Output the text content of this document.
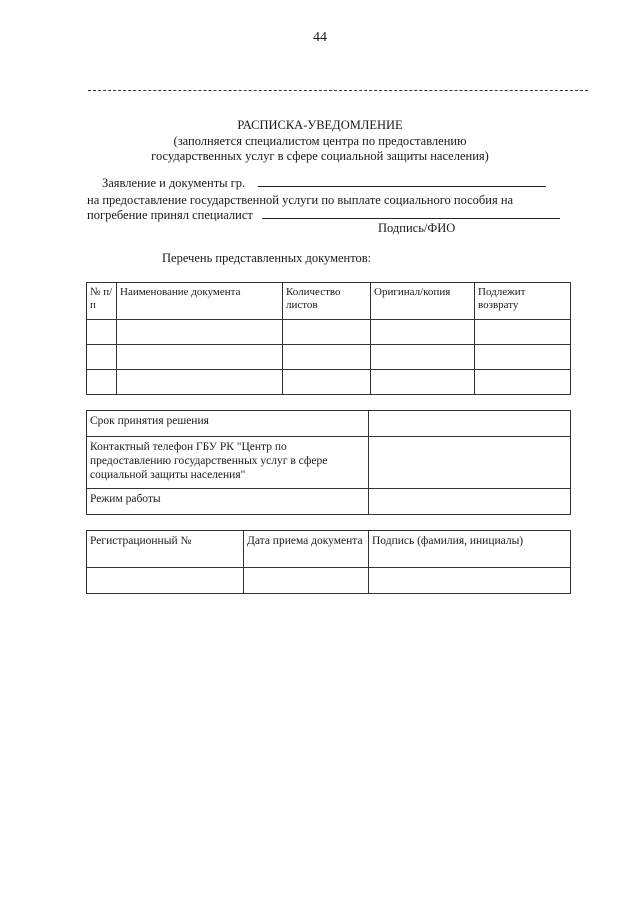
44
РАСПИСКА-УВЕДОМЛЕНИЕ
(заполняется специалистом центра по предоставлению
государственных услуг в сфере социальной защиты населения)
Заявление и документы гр.
на предоставление государственной услуги по выплате социального пособия на
погребение принял специалист
Подпись/ФИО
Перечень представленных документов:
№ п/п	Наименование документа	Количество листов	Оригинал/копия	Подлежит возврату

Срок принятия решения	
Контактный телефон ГБУ РК "Центр по предоставлению государственных услуг в сфере социальной защиты населения"	
Режим работы	
Регистрационный №	Дата приема документа	Подпись (фамилия, инициалы)
